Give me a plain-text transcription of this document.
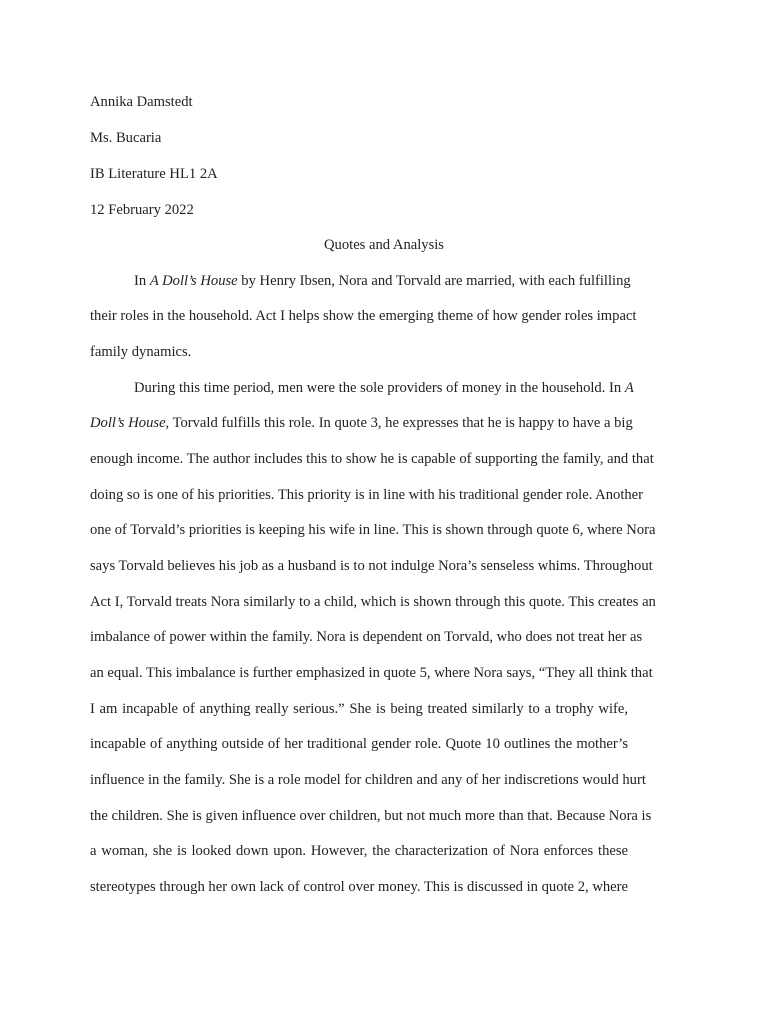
Annika Damstedt
Ms. Bucaria
IB Literature HL1 2A
12 February 2022
Quotes and Analysis
In A Doll’s House by Henry Ibsen, Nora and Torvald are married, with each fulfilling
their roles in the household. Act I helps show the emerging theme of how gender roles impact
family dynamics.
During this time period, men were the sole providers of money in the household. In A
Doll’s House, Torvald fulfills this role. In quote 3, he expresses that he is happy to have a big
enough income. The author includes this to show he is capable of supporting the family, and that
doing so is one of his priorities. This priority is in line with his traditional gender role. Another
one of Torvald’s priorities is keeping his wife in line. This is shown through quote 6, where Nora
says Torvald believes his job as a husband is to not indulge Nora’s senseless whims. Throughout
Act I, Torvald treats Nora similarly to a child, which is shown through this quote. This creates an
imbalance of power within the family. Nora is dependent on Torvald, who does not treat her as
an equal. This imbalance is further emphasized in quote 5, where Nora says, “They all think that
I am incapable of anything really serious.” She is being treated similarly to a trophy wife,
incapable of anything outside of her traditional gender role. Quote 10 outlines the mother’s
influence in the family. She is a role model for children and any of her indiscretions would hurt
the children. She is given influence over children, but not much more than that. Because Nora is
a woman, she is looked down upon. However, the characterization of Nora enforces these
stereotypes through her own lack of control over money. This is discussed in quote 2, where
